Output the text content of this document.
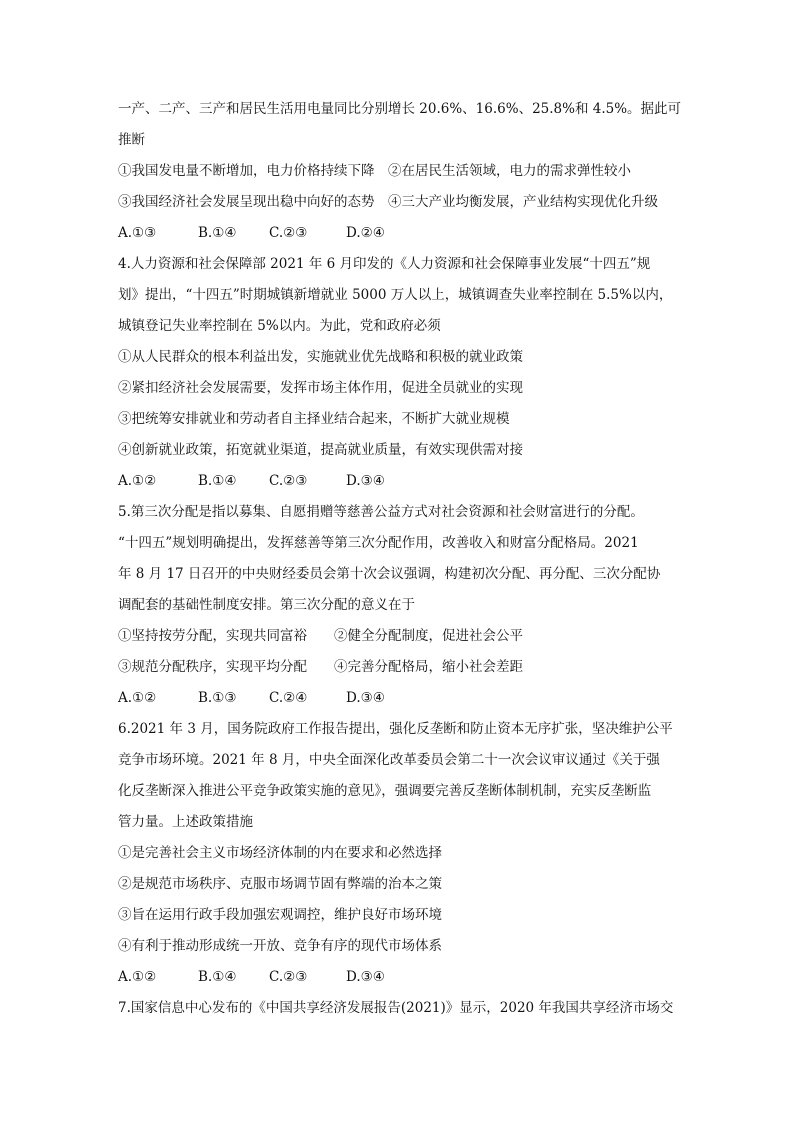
一产、二产、三产和居民生活用电量同比分别增长 20.6%、16.6%、25.8%和 4.5%。据此可
推断
①我国发电量不断增加，电力价格持续下降　②在居民生活领域，电力的需求弹性较小
③我国经济社会发展呈现出稳中向好的态势　④三大产业均衡发展，产业结构实现优化升级
A.①③	B.①④	C.②③	D.②④
4.人力资源和社会保障部 2021 年 6 月印发的《人力资源和社会保障事业发展“十四五”规
划》提出，“十四五”时期城镇新增就业 5000 万人以上，城镇调查失业率控制在 5.5%以内，
城镇登记失业率控制在 5%以内。为此，党和政府必须
①从人民群众的根本利益出发，实施就业优先战略和积极的就业政策
②紧扣经济社会发展需要，发挥市场主体作用，促进全员就业的实现
③把统筹安排就业和劳动者自主择业结合起来，不断扩大就业规模
④创新就业政策，拓宽就业渠道，提高就业质量，有效实现供需对接
A.①②	B.①④	C.②③	D.③④
5.第三次分配是指以募集、自愿捐赠等慈善公益方式对社会资源和社会财富进行的分配。
“十四五”规划明确提出，发挥慈善等第三次分配作用，改善收入和财富分配格局。2021
年 8 月 17 日召开的中央财经委员会第十次会议强调，构建初次分配、再分配、三次分配协
调配套的基础性制度安排。第三次分配的意义在于
①坚持按劳分配，实现共同富裕　　②健全分配制度，促进社会公平
③规范分配秩序，实现平均分配　　④完善分配格局，缩小社会差距
A.①②	B.①③	C.②④	D.③④
6.2021 年 3 月，国务院政府工作报告提出，强化反垄断和防止资本无序扩张，坚决维护公平
竞争市场环境。2021 年 8 月，中央全面深化改革委员会第二十一次会议审议通过《关于强
化反垄断深入推进公平竞争政策实施的意见》，强调要完善反垄断体制机制，充实反垄断监
管力量。上述政策措施
①是完善社会主义市场经济体制的内在要求和必然选择
②是规范市场秩序、克服市场调节固有弊端的治本之策
③旨在运用行政手段加强宏观调控，维护良好市场环境
④有利于推动形成统一开放、竞争有序的现代市场体系
A.①②	B.①④	C.②③	D.③④
7.国家信息中心发布的《中国共享经济发展报告(2021)》显示，2020 年我国共享经济市场交
